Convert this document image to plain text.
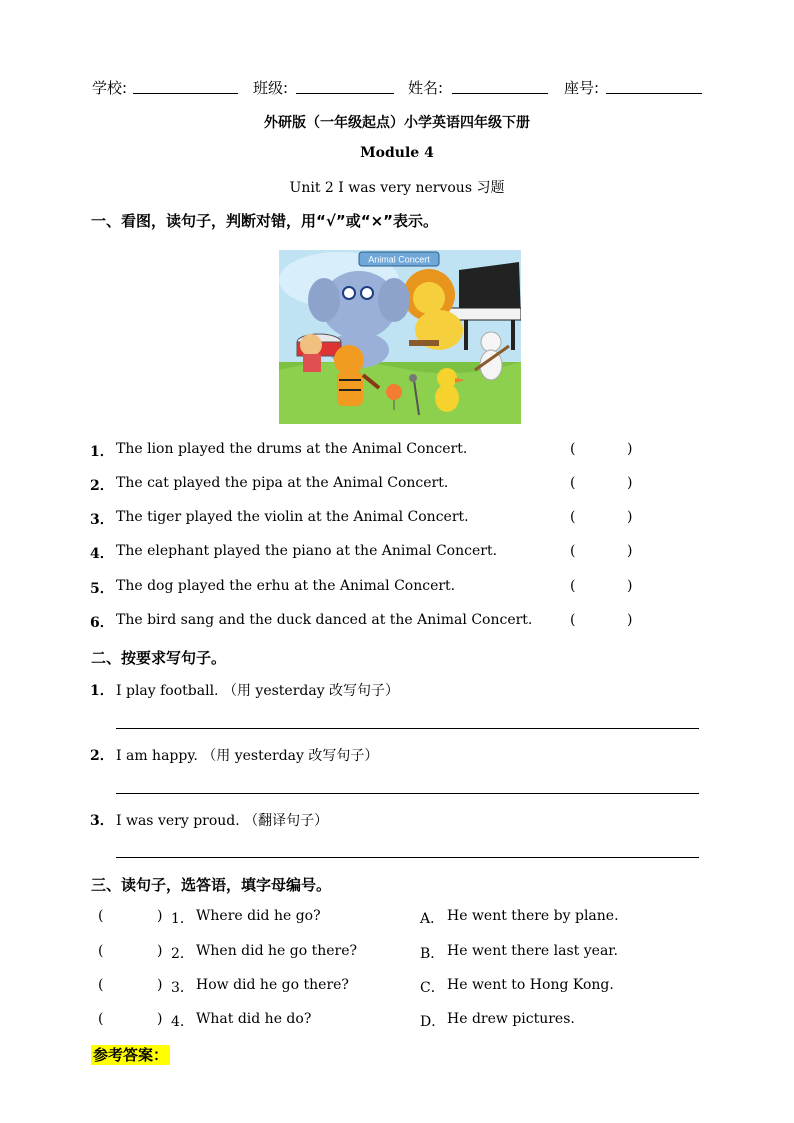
学校:	班级:	姓名:	座号:
外研版（一年级起点）小学英语四年级下册
Module 4
Unit 2 I was very nervous 习题
一、看图，读句子，判断对错，用“√”或“×”表示。
Animal Concert
1． The lion played the drums at the Animal Concert.	(	)
2． The cat played the pipa at the Animal Concert.	(	)
3． The tiger played the violin at the Animal Concert.	(	)
4． The elephant played the piano at the Animal Concert.	(	)
5． The dog played the erhu at the Animal Concert.	(	)
6． The bird sang and the duck danced at the Animal Concert.	(	)
二、按要求写句子。
1． I play football. （用 yesterday 改写句子）
2． I am happy. （用 yesterday 改写句子）
3． I was very proud. （翻译句子）
三、读句子，选答语，填字母编号。
(	) 1． Where did he go?	A． He went there by plane.
(	) 2． When did he go there?	B． He went there last year.
(	) 3． How did he go there?	C． He went to Hong Kong.
(	) 4． What did he do?	D． He drew pictures.
参考答案：
